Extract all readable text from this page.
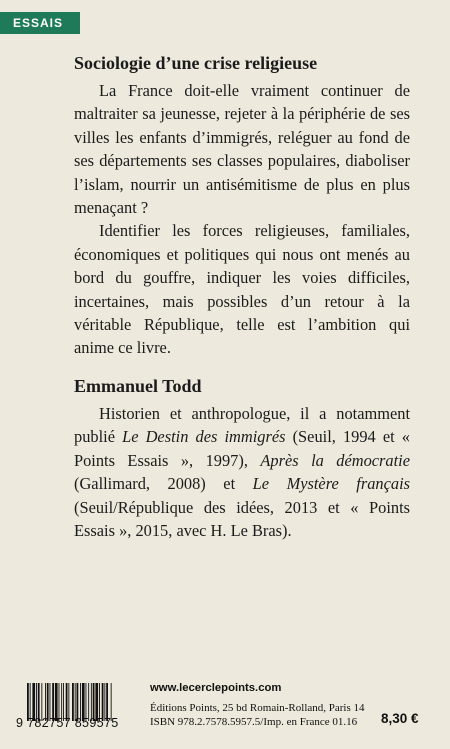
ESSAIS
Sociologie d’une crise religieuse

La France doit-elle vraiment continuer de maltraiter sa jeunesse, rejeter à la périphérie de ses villes les enfants d’immigrés, reléguer au fond de ses départements ses classes populaires, diaboliser l’islam, nourrir un antisémitisme de plus en plus menaçant ?

Identifier les forces religieuses, familiales, économiques et politiques qui nous ont menés au bord du gouffre, indiquer les voies difficiles, incertaines, mais possibles d’un retour à la véritable République, telle est l’ambition qui anime ce livre.

Emmanuel Todd

Historien et anthropologue, il a notamment publié Le Destin des immigrés (Seuil, 1994 et « Points Essais », 1997), Après la démocratie (Gallimard, 2008) et Le Mystère français (Seuil/République des idées, 2013 et « Points Essais », 2015, avec H. Le Bras).

9 782757 859575
www.lecerclepoints.com
Éditions Points, 25 bd Romain-Rolland, Paris 14
ISBN 978.2.7578.5957.5/Imp. en France 01.16	8,30 €
